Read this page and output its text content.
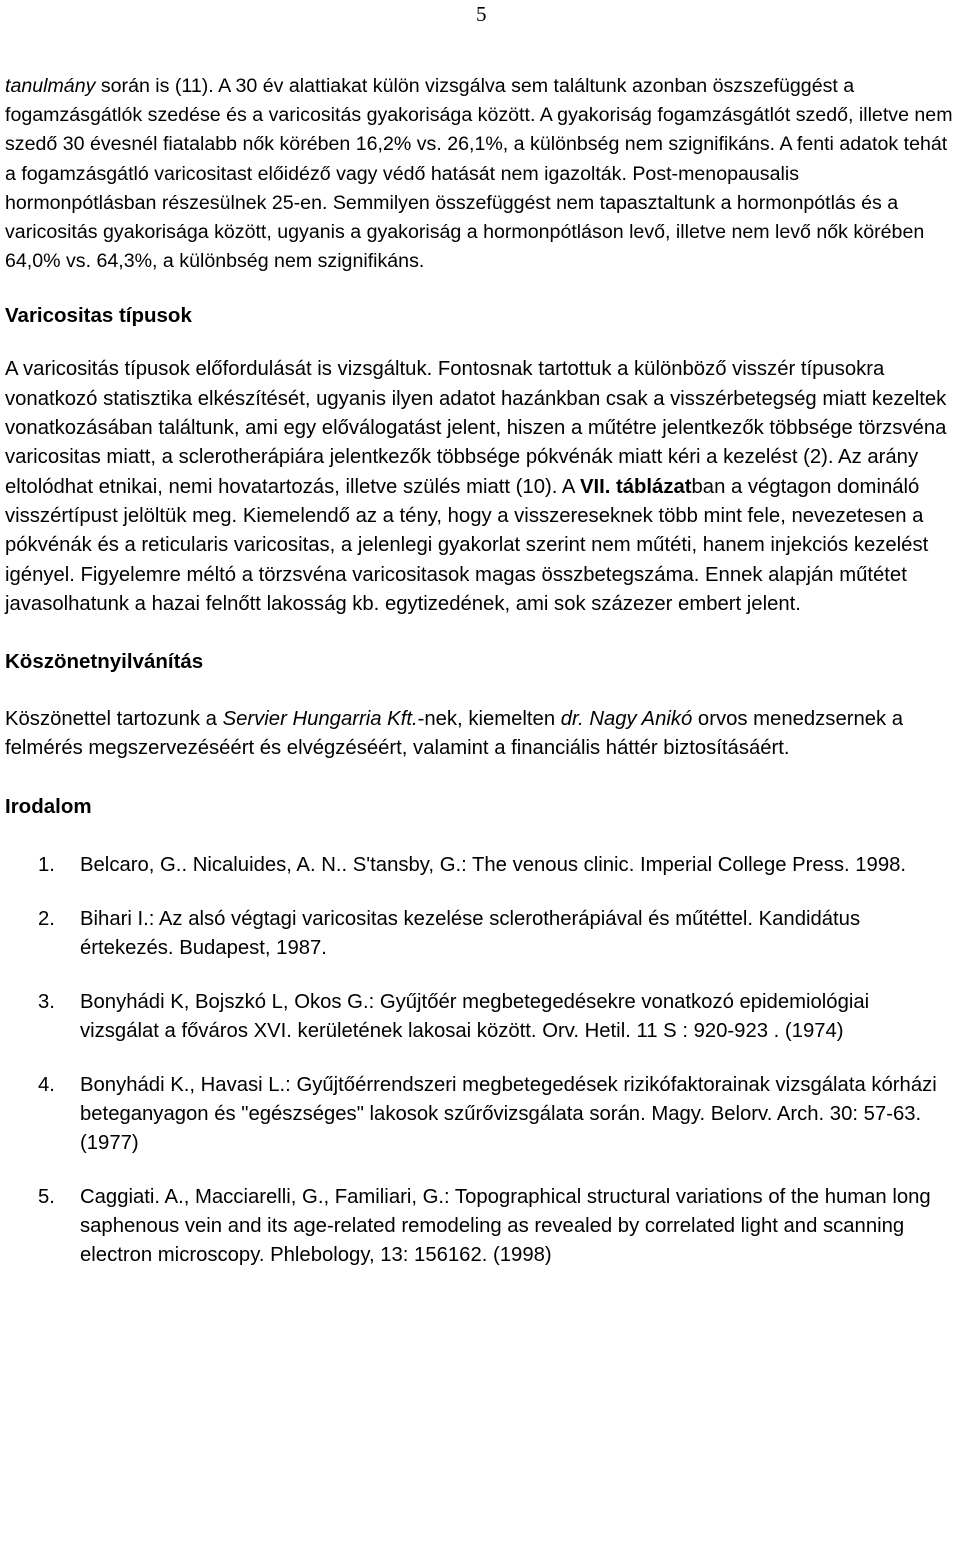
5

tanulmány során is (11). A 30 év alattiakat külön vizsgálva sem találtunk azonban öszszefüggést a fogamzásgátlók szedése és a varicositás gyakorisága között. A gyakoriság fogamzásgátlót szedő, illetve nem szedő 30 évesnél fiatalabb nők körében 16,2% vs. 26,1%, a különbség nem szignifikáns. A fenti adatok tehát a fogamzásgátló varicositast előidéző vagy védő hatását nem igazolták. Post-menopausalis hormonpótlásban részesülnek 25-en. Semmilyen összefüggést nem tapasztaltunk a hormonpótlás és a varicositás gyakorisága között, ugyanis a gyakoriság a hormonpótláson levő, illetve nem levő nők körében 64,0% vs. 64,3%, a különbség nem szignifikáns.

Varicositas típusok

A varicositás típusok előfordulását is vizsgáltuk. Fontosnak tartottuk a különböző visszér típusokra vonatkozó statisztika elkészítését, ugyanis ilyen adatot hazánkban csak a visszérbetegség miatt kezeltek vonatkozásában találtunk, ami egy előválogatást jelent, hiszen a műtétre jelentkezők többsége törzsvéna varicositas miatt, a sclerotherápiára jelentkezők többsége pókvénák miatt kéri a kezelést (2). Az arány eltolódhat etnikai, nemi hovatartozás, illetve szülés miatt (10). A VII. táblázatban a végtagon domináló visszértípust jelöltük meg. Kiemelendő az a tény, hogy a visszereseknek több mint fele, nevezetesen a pókvénák és a reticularis varicositas, a jelenlegi gyakorlat szerint nem műtéti, hanem injekciós kezelést igényel. Figyelemre méltó a törzsvéna varicositasok magas összbetegszáma. Ennek alapján műtétet javasolhatunk a hazai felnőtt lakosság kb. egytizedének, ami sok százezer embert jelent.

Köszönetnyilvánítás

Köszönettel tartozunk a Servier Hungarria Kft.-nek, kiemelten dr. Nagy Anikó orvos menedzsernek a felmérés megszervezéséért és elvégzéséért, valamint a financiális háttér biztosításáért.

Irodalom
1. Belcaro, G.. Nicaluides, A. N.. S'tansby, G.: The venous clinic. Imperial College Press. 1998.
2. Bihari I.: Az alsó végtagi varicositas kezelése sclerotherápiával és műtéttel. Kandidátus értekezés. Budapest, 1987.
3. Bonyhádi K, Bojszkó L, Okos G.: Gyűjtőér megbetegedésekre vonatkozó epidemiológiai vizsgálat a főváros XVI. kerületének lakosai között. Orv. Hetil. 11 S : 920-923 . (1974)
4. Bonyhádi K., Havasi L.: Gyűjtőérrendszeri megbetegedések rizikófaktorainak vizsgálata kórházi beteganyagon és "egészséges" lakosok szűrővizsgálata során. Magy. Belorv. Arch. 30: 57-63. (1977)
5. Caggiati. A., Macciarelli, G., Familiari, G.: Topographical structural variations of the human long saphenous vein and its age-related remodeling as revealed by correlated light and scanning electron microscopy. Phlebology, 13: 156162. (1998)
